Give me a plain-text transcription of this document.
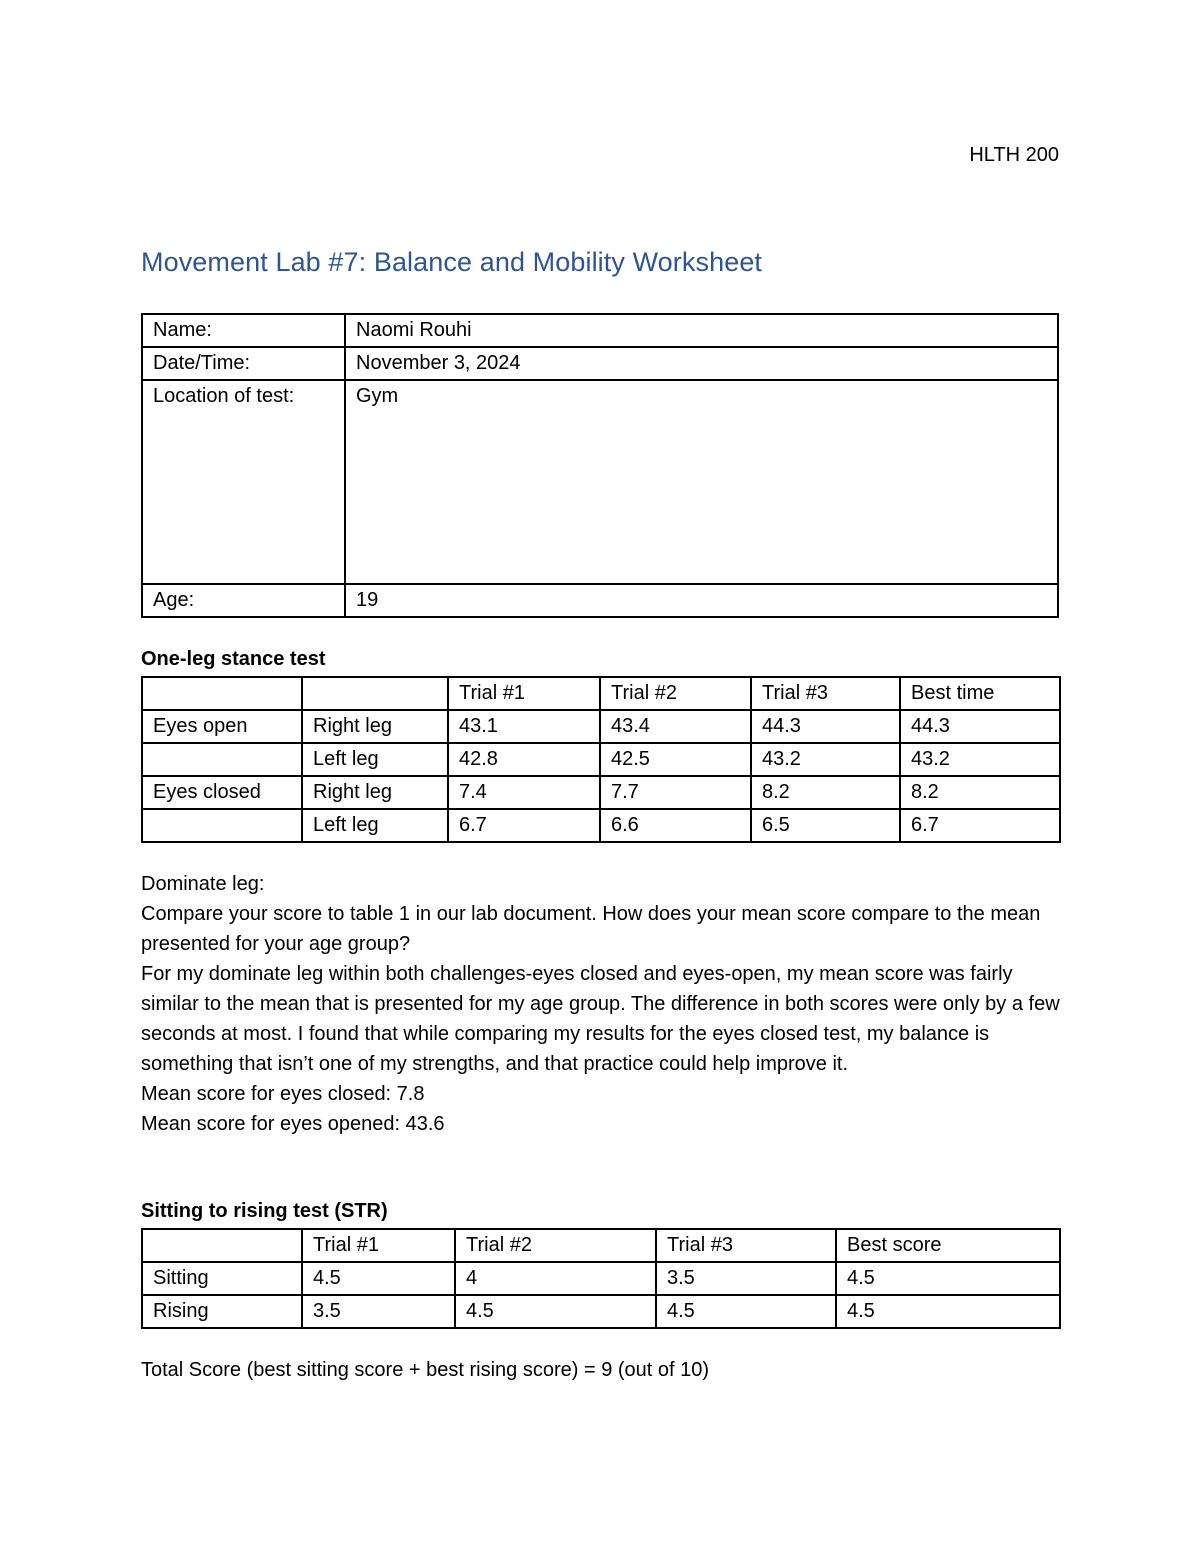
HLTH 200
Movement Lab #7: Balance and Mobility Worksheet
Name:	Naomi Rouhi
Date/Time:	November 3, 2024
Location of test:	Gym
Age:	19
One-leg stance test
		Trial #1	Trial #2	Trial #3	Best time
Eyes open	Right leg	43.1	43.4	44.3	44.3
	Left leg	42.8	42.5	43.2	43.2
Eyes closed	Right leg	7.4	7.7	8.2	8.2
	Left leg	6.7	6.6	6.5	6.7

Dominate leg:

Compare your score to table 1 in our lab document. How does your mean score compare to the mean presented for your age group?

For my dominate leg within both challenges-eyes closed and eyes-open, my mean score was fairly similar to the mean that is presented for my age group. The difference in both scores were only by a few seconds at most. I found that while comparing my results for the eyes closed test, my balance is something that isn’t one of my strengths, and that practice could help improve it.

Mean score for eyes closed: 7.8

Mean score for eyes opened: 43.6

Sitting to rising test (STR)
	Trial #1	Trial #2	Trial #3	Best score
Sitting	4.5	4	3.5	4.5
Rising	3.5	4.5	4.5	4.5
Total Score (best sitting score + best rising score) = 9 (out of 10)
